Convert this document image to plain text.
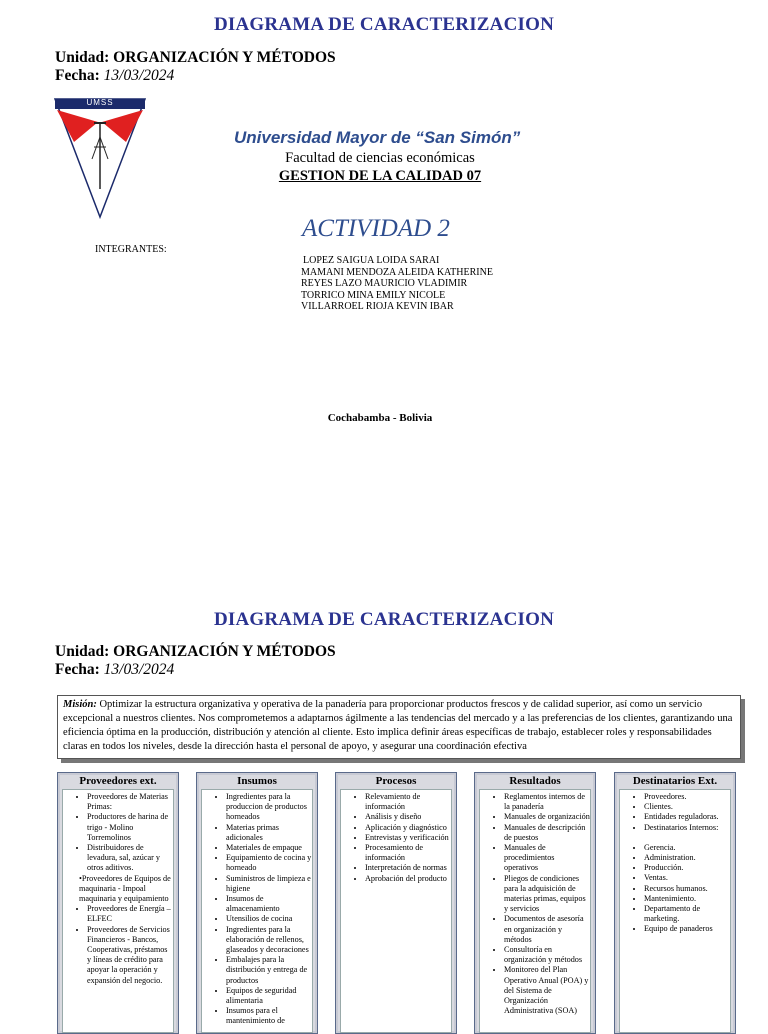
DIAGRAMA DE CARACTERIZACION
Unidad: ORGANIZACIÓN Y MÉTODOS
Fecha: 13/03/2024
UMSS
Universidad Mayor de “San Simón”
Facultad de ciencias económicas
GESTION DE LA CALIDAD 07
ACTIVIDAD 2
INTEGRANTES:
LOPEZ SAIGUA LOIDA SARAI
MAMANI MENDOZA ALEIDA KATHERINE
REYES LAZO MAURICIO VLADIMIR
TORRICO MINA EMILY NICOLE
VILLARROEL RIOJA KEVIN IBAR
Cochabamba - Bolivia
DIAGRAMA DE CARACTERIZACION
Unidad: ORGANIZACIÓN Y MÉTODOS
Fecha: 13/03/2024
Misión: Optimizar la estructura organizativa y operativa de la panadería para proporcionar productos frescos y de calidad superior, así como un servicio excepcional a nuestros clientes. Nos comprometemos a adaptarnos ágilmente a las tendencias del mercado y a las preferencias de los clientes, garantizando una eficiencia óptima en la producción, distribución y atención al cliente. Esto implica definir áreas específicas de trabajo, establecer roles y responsabilidades claras en todos los niveles, desde la dirección hasta el personal de apoyo, y asegurar una coordinación efectiva
Proveedores ext.
• Proveedores de Materias Primas:
• Productores de harina de trigo - Molino Torremolinos
• Distribuidores de levadura, sal, azúcar y otros aditivos.
•Proveedores de Equipos de maquinaria - Impoal maquinaria y equipamiento
• Proveedores de Energía – ELFEC
• Proveedores de Servicios Financieros - Bancos, Cooperativas, préstamos y líneas de crédito para apoyar la operación y expansión del negocio.
Insumos
• Ingredientes para la produccion de productos horneados
• Materias primas adicionales
• Materiales de empaque
• Equipamiento de cocina y horneado
• Suministros de limpieza e higiene
• Insumos de almacenamiento
• Utensilios de cocina
• Ingredientes para la elaboración de rellenos, glaseados y decoraciones
• Embalajes para la distribución y entrega de productos
• Equipos de seguridad alimentaria
• Insumos para el mantenimiento de
Procesos
• Relevamiento de información
• Análisis y diseño
• Aplicación y diagnóstico
• Entrevistas y verificación
• Procesamiento de información
• Interpretación de normas
• Aprobación del producto
Resultados
• Reglamentos internos de la panadería
• Manuales de organización
• Manuales de descripción de puestos
• Manuales de procedimientos operativos
• Pliegos de condiciones para la adquisición de materias primas, equipos y servicios
• Documentos de asesoría en organización y métodos
• Consultoría en organización y métodos
• Monitoreo del Plan Operativo Anual (POA) y del Sistema de Organización Administrativa (SOA)
Destinatarios Ext.
• Proveedores.
• Clientes.
• Entidades reguladoras.
• Destinatarios Internos:
• Gerencia.
• Administration.
• Producción.
• Ventas.
• Recursos humanos.
• Mantenimiento.
• Departamento de marketing.
• Equipo de panaderos
